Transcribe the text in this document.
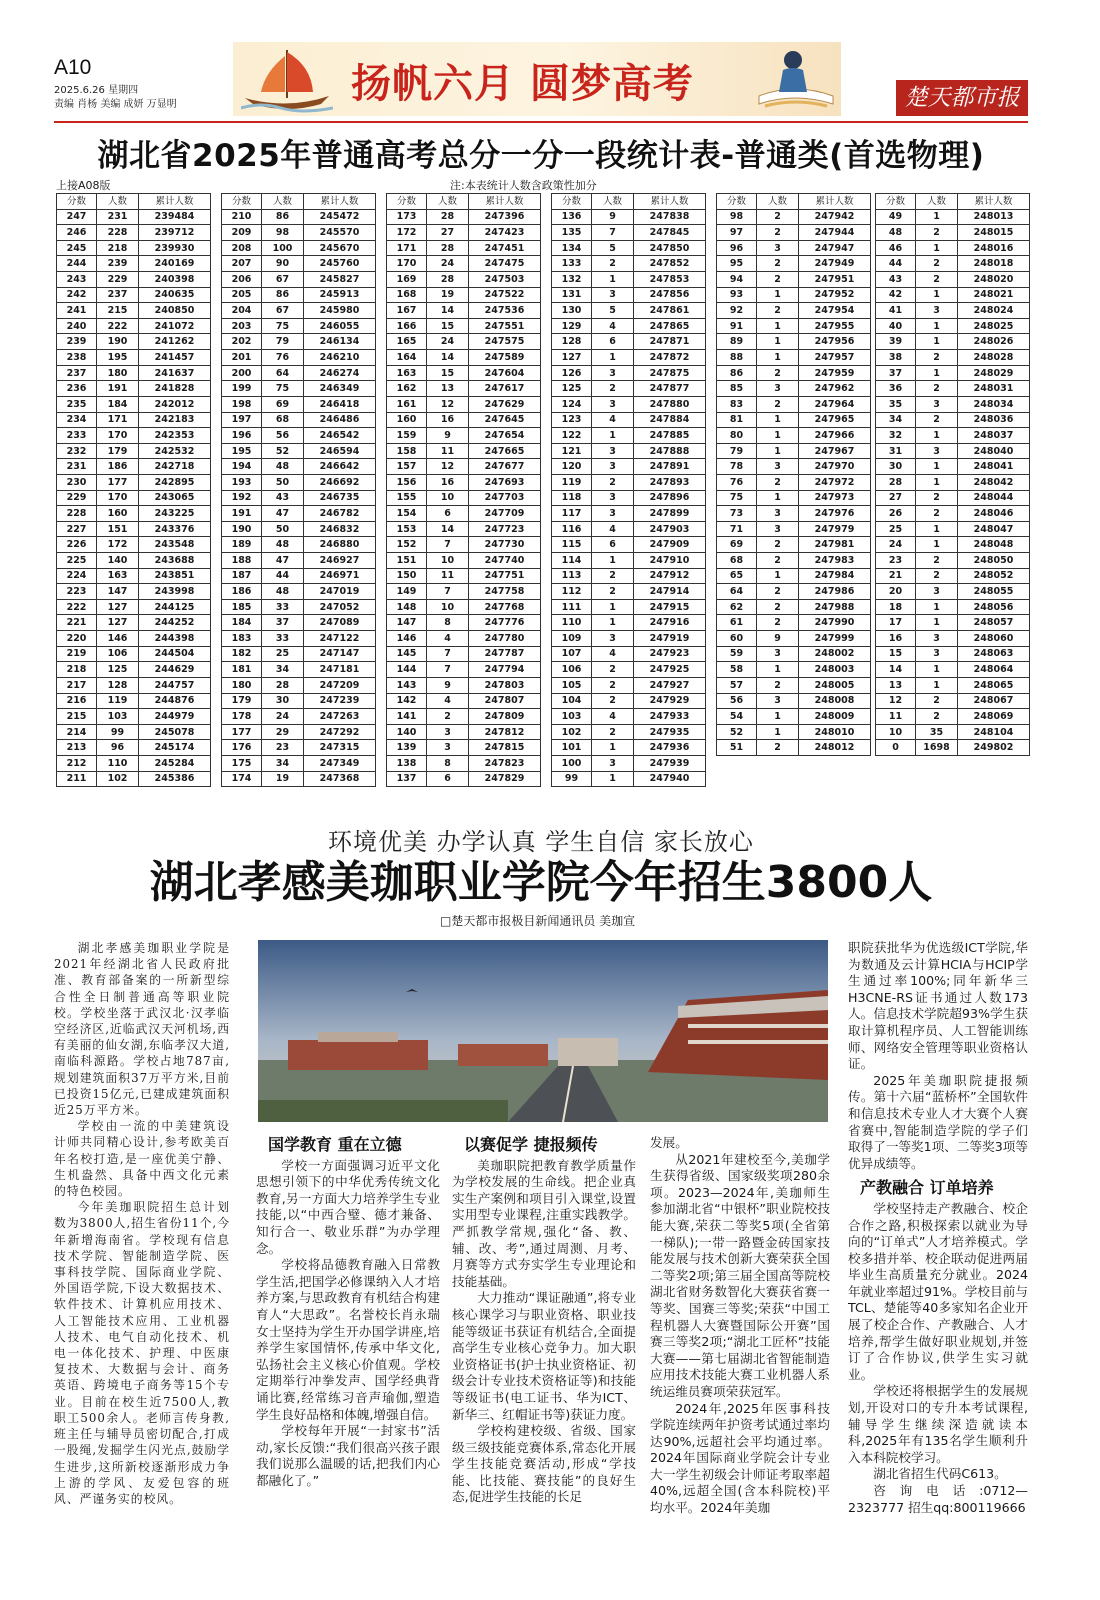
A10
2025.6.26 星期四
责编 肖杨 美编 成妍 万显明	扬帆六月 圆梦高考	楚天都市报
湖北省2025年普通高考总分一分一段统计表-普通类(首选物理)
上接A08版	注:本表统计人数含政策性加分
分数	人数	累计人数
247	231	239484
246	228	239712
245	218	239930
244	239	240169
243	229	240398
242	237	240635
241	215	240850
240	222	241072
239	190	241262
238	195	241457
237	180	241637
236	191	241828
235	184	242012
234	171	242183
233	170	242353
232	179	242532
231	186	242718
230	177	242895
229	170	243065
228	160	243225
227	151	243376
226	172	243548
225	140	243688
224	163	243851
223	147	243998
222	127	244125
221	127	244252
220	146	244398
219	106	244504
218	125	244629
217	128	244757
216	119	244876
215	103	244979
214	99	245078
213	96	245174
212	110	245284
211	102	245386
分数	人数	累计人数
210	86	245472
209	98	245570
208	100	245670
207	90	245760
206	67	245827
205	86	245913
204	67	245980
203	75	246055
202	79	246134
201	76	246210
200	64	246274
199	75	246349
198	69	246418
197	68	246486
196	56	246542
195	52	246594
194	48	246642
193	50	246692
192	43	246735
191	47	246782
190	50	246832
189	48	246880
188	47	246927
187	44	246971
186	48	247019
185	33	247052
184	37	247089
183	33	247122
182	25	247147
181	34	247181
180	28	247209
179	30	247239
178	24	247263
177	29	247292
176	23	247315
175	34	247349
174	19	247368
分数	人数	累计人数
173	28	247396
172	27	247423
171	28	247451
170	24	247475
169	28	247503
168	19	247522
167	14	247536
166	15	247551
165	24	247575
164	14	247589
163	15	247604
162	13	247617
161	12	247629
160	16	247645
159	9	247654
158	11	247665
157	12	247677
156	16	247693
155	10	247703
154	6	247709
153	14	247723
152	7	247730
151	10	247740
150	11	247751
149	7	247758
148	10	247768
147	8	247776
146	4	247780
145	7	247787
144	7	247794
143	9	247803
142	4	247807
141	2	247809
140	3	247812
139	3	247815
138	8	247823
137	6	247829
分数	人数	累计人数
136	9	247838
135	7	247845
134	5	247850
133	2	247852
132	1	247853
131	3	247856
130	5	247861
129	4	247865
128	6	247871
127	1	247872
126	3	247875
125	2	247877
124	3	247880
123	4	247884
122	1	247885
121	3	247888
120	3	247891
119	2	247893
118	3	247896
117	3	247899
116	4	247903
115	6	247909
114	1	247910
113	2	247912
112	2	247914
111	1	247915
110	1	247916
109	3	247919
107	4	247923
106	2	247925
105	2	247927
104	2	247929
103	4	247933
102	2	247935
101	1	247936
100	3	247939
99	1	247940
分数	人数	累计人数
98	2	247942
97	2	247944
96	3	247947
95	2	247949
94	2	247951
93	1	247952
92	2	247954
91	1	247955
89	1	247956
88	1	247957
86	2	247959
85	3	247962
83	2	247964
81	1	247965
80	1	247966
79	1	247967
78	3	247970
76	2	247972
75	1	247973
73	3	247976
71	3	247979
69	2	247981
68	2	247983
65	1	247984
64	2	247986
62	2	247988
61	2	247990
60	9	247999
59	3	248002
58	1	248003
57	2	248005
56	3	248008
54	1	248009
52	1	248010
51	2	248012
分数	人数	累计人数
49	1	248013
48	2	248015
46	1	248016
44	2	248018
43	2	248020
42	1	248021
41	3	248024
40	1	248025
39	1	248026
38	2	248028
37	1	248029
36	2	248031
35	3	248034
34	2	248036
32	1	248037
31	3	248040
30	1	248041
28	1	248042
27	2	248044
26	2	248046
25	1	248047
24	1	248048
23	2	248050
21	2	248052
20	3	248055
18	1	248056
17	1	248057
16	3	248060
15	3	248063
14	1	248064
13	1	248065
12	2	248067
11	2	248069
10	35	248104
0	1698	249802
环境优美 办学认真 学生自信 家长放心
湖北孝感美珈职业学院今年招生3800人
□楚天都市报极目新闻通讯员 美珈宣

湖北孝感美珈职业学院是2021年经湖北省人民政府批准、教育部备案的一所新型综合性全日制普通高等职业院校。学校坐落于武汉北·汉孝临空经济区,近临武汉天河机场,西有美丽的仙女湖,东临孝汉大道,南临科源路。学校占地787亩,规划建筑面积37万平方米,目前已投资15亿元,已建成建筑面积近25万平方米。

学校由一流的中美建筑设计师共同精心设计,参考欧美百年名校打造,是一座优美宁静、生机盎然、具备中西文化元素的特色校园。

今年美珈职院招生总计划数为3800人,招生省份11个,今年新增海南省。学校现有信息技术学院、智能制造学院、医事科技学院、国际商业学院、外国语学院,下设大数据技术、软件技术、计算机应用技术、人工智能技术应用、工业机器人技术、电气自动化技术、机电一体化技术、护理、中医康复技术、大数据与会计、商务英语、跨境电子商务等15个专业。目前在校生近7500人,教职工500余人。老师言传身教,班主任与辅导员密切配合,打成一股绳,发掘学生闪光点,鼓励学生进步,这所新校逐渐形成力争上游的学风、友爱包容的班风、严谨务实的校风。

国学教育 重在立德

学校一方面强调习近平文化思想引领下的中华优秀传统文化教育,另一方面大力培养学生专业技能,以“中西合璧、德才兼备、知行合一、敬业乐群”为办学理念。

学校将品德教育融入日常教学生活,把国学必修课纳入人才培养方案,与思政教育有机结合构建育人“大思政”。名誉校长肖永瑞女士坚持为学生开办国学讲座,培养学生家国情怀,传承中华文化,弘扬社会主义核心价值观。学校定期举行冲拳发声、国学经典背诵比赛,经常练习音声瑜伽,塑造学生良好品格和体魄,增强自信。

学校每年开展“一封家书”活动,家长反馈:“我们很高兴孩子跟我们说那么温暖的话,把我们内心都融化了。”

以赛促学 捷报频传

美珈职院把教育教学质量作为学校发展的生命线。把企业真实生产案例和项目引入课堂,设置实用型专业课程,注重实践教学。严抓教学常规,强化“备、教、辅、改、考”,通过周测、月考、月赛等方式夯实学生专业理论和技能基础。

大力推动“课证融通”,将专业核心课学习与职业资格、职业技能等级证书获证有机结合,全面提高学生专业核心竞争力。加大职业资格证书(护士执业资格证、初级会计专业技术资格证等)和技能等级证书(电工证书、华为ICT、新华三、红帽证书等)获证力度。

学校构建校级、省级、国家级三级技能竞赛体系,常态化开展学生技能竞赛活动,形成“学技能、比技能、赛技能”的良好生态,促进学生技能的长足

发展。

从2021年建校至今,美珈学生获得省级、国家级奖项280余项。2023—2024年,美珈师生参加湖北省“中银杯”职业院校技能大赛,荣获二等奖5项(全省第一梯队);一带一路暨金砖国家技能发展与技术创新大赛荣获全国二等奖2项;第三届全国高等院校湖北省财务数智化大赛获省赛一等奖、国赛三等奖;荣获“中国工程机器人大赛暨国际公开赛”国赛三等奖2项;“湖北工匠杯”技能大赛——第七届湖北省智能制造应用技术技能大赛工业机器人系统运维员赛项荣获冠军。

2024年,2025年医事科技学院连续两年护资考试通过率均达90%,远超社会平均通过率。2024年国际商业学院会计专业大一学生初级会计师证考取率超40%,远超全国(含本科院校)平均水平。2024年美珈

职院获批华为优选级ICT学院,华为数通及云计算HCIA与HCIP学生通过率100%;同年新华三H3CNE-RS证书通过人数173人。信息技术学院超93%学生获取计算机程序员、人工智能训练师、网络安全管理等职业资格认证。

2025年美珈职院捷报频传。第十六届“蓝桥杯”全国软件和信息技术专业人才大赛个人赛省赛中,智能制造学院的学子们取得了一等奖1项、二等奖3项等优异成绩等。

产教融合 订单培养

学校坚持走产教融合、校企合作之路,积极探索以就业为导向的“订单式”人才培养模式。学校多措并举、校企联动促进两届毕业生高质量充分就业。2024年就业率超过91%。学校目前与TCL、楚能等40多家知名企业开展了校企合作、产教融合、人才培养,帮学生做好职业规划,并签订了合作协议,供学生实习就业。

学校还将根据学生的发展规划,开设对口的专升本考试课程,辅导学生继续深造就读本科,2025年有135名学生顺利升入本科院校学习。

湖北省招生代码C613。

咨询电话:0712—2323777 招生qq:800119666
